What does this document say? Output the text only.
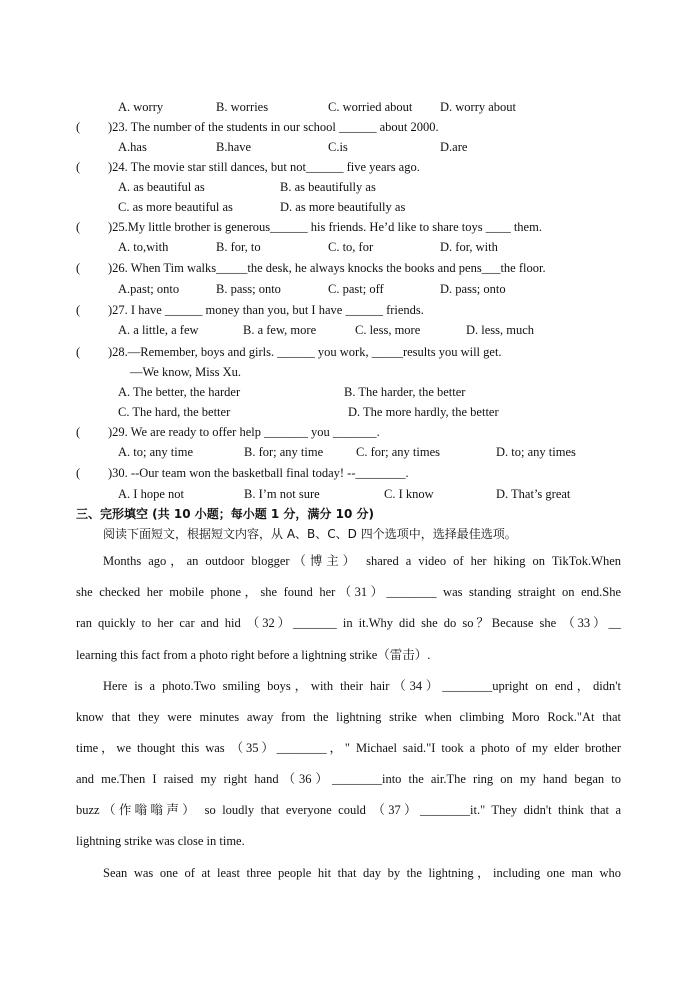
A. worry	B. worries	C. worried about D. worry about
( )23. The number of the students in our school ______ about 2000.
A.has	B.have	C.is	D.are
( )24. The movie star still dances, but not______ five years ago.
A. as beautiful as	B. as beautifully as
C. as more beautiful as	D. as more beautifully as
( )25.My little brother is generous______ his friends. He’d like to share toys ____ them.
A. to,with	B. for, to	C. to, for	D. for, with
( )26. When Tim walks_____the desk, he always knocks the books and pens___the floor.
A.past; onto	B. pass; onto	C. past; off	D. pass; onto
( )27. I have ______ money than you, but I have ______ friends.
A. a little, a few	B. a few, more	C. less, more	D. less, much
( )28.—Remember, boys and girls. ______ you work, _____results you will get.
—We know, Miss Xu.
A. The better, the harder	B. The harder, the better
C. The hard, the better	D. The more hardly, the better
( )29. We are ready to offer help _______ you _______.
A. to; any time	B. for; any time	C. for; any times	D. to; any times
( )30. --Our team won the basketball final today! --________.
A. I hope not	B. I’m not sure	C. I know	D. That’s great
三、完形填空 (共 10 小题；每小题 1 分，满分 10 分)
阅读下面短文，根据短文内容，从 A、B、C、D 四个选项中，选择最佳选项。
Months ago，an outdoor blogger（博主） shared a video of her hiking on TikTok.When
she checked her mobile phone，she found her（31）________ was standing straight on end.She
ran quickly to her car and hid （32）_______ in it.Why did she do so？Because she （33）__
learning this fact from a photo right before a lightning strike（雷击）.
Here is a photo.Two smiling boys，with their hair（34）________upright on end，didn't
know that they were minutes away from the lightning strike when climbing Moro Rock."At that
time，we thought this was （35）________，" Michael said."I took a photo of my elder brother
and me.Then I raised my right hand（36）________into the air.The ring on my hand began to
buzz（作嗡嗡声） so loudly that everyone could （37）________it." They didn't think that a
lightning strike was close in time.
Sean was one of at least three people hit that day by the lightning，including one man who
